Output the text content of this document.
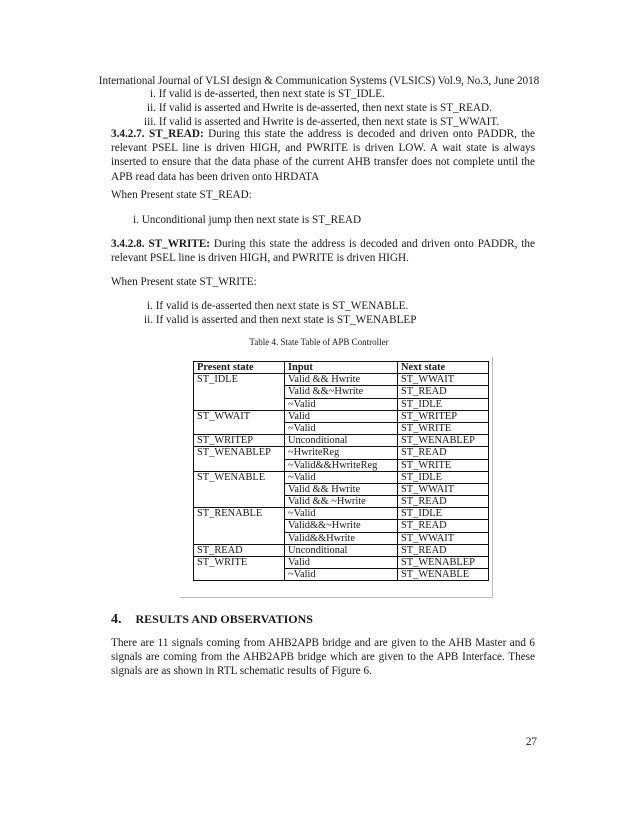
International Journal of VLSI design & Communication Systems (VLSICS) Vol.9, No.3, June 2018
i. If valid is de-asserted, then next state is ST_IDLE.
ii. If valid is asserted and Hwrite is de-asserted, then next state is ST_READ.
iii. If valid is asserted and Hwrite is de-asserted, then next state is ST_WWAIT.
3.4.2.7. ST_READ: During this state the address is decoded and driven onto PADDR, the relevant PSEL line is driven HIGH, and PWRITE is driven LOW. A wait state is always inserted to ensure that the data phase of the current AHB transfer does not complete until the APB read data has been driven onto HRDATA
When Present state ST_READ:
i. Unconditional jump then next state is ST_READ
3.4.2.8. ST_WRITE: During this state the address is decoded and driven onto PADDR, the relevant PSEL line is driven HIGH, and PWRITE is driven HIGH.
When Present state ST_WRITE:
i. If valid is de-asserted then next state is ST_WENABLE.
ii. If valid is asserted and then next state is ST_WENABLEP
Table 4. State Table of APB Controller
Present state	Input	Next state
ST_IDLE	Valid && Hwrite	ST_WWAIT
	Valid &&~Hwrite	ST_READ
	~Valid	ST_IDLE
ST_WWAIT	Valid	ST_WRITEP
	~Valid	ST_WRITE
ST_WRITEP	Unconditional	ST_WENABLEP
ST_WENABLEP	~HwriteReg	ST_READ
	~Valid&&HwriteReg	ST_WRITE
ST_WENABLE	~Valid	ST_IDLE
	Valid && Hwrite	ST_WWAIT
	Valid && ~Hwrite	ST_READ
ST_RENABLE	~Valid	ST_IDLE
	Valid&&~Hwrite	ST_READ
	Valid&&Hwrite	ST_WWAIT
ST_READ	Unconditional	ST_READ
ST_WRITE	Valid	ST_WENABLEP
	~Valid	ST_WENABLE
4. RESULTS AND OBSERVATIONS
There are 11 signals coming from AHB2APB bridge and are given to the AHB Master and 6 signals are coming from the AHB2APB bridge which are given to the APB Interface. These signals are as shown in RTL schematic results of Figure 6.
27
